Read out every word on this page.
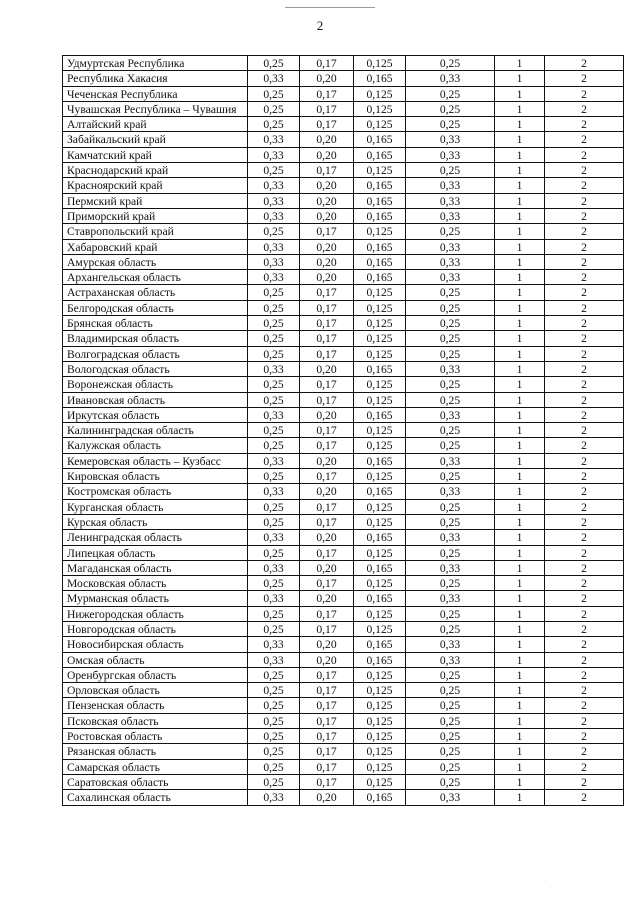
2
Удмуртская Республика	0,25	0,17	0,125	0,25	1	2
Республика Хакасия	0,33	0,20	0,165	0,33	1	2
Чеченская Республика	0,25	0,17	0,125	0,25	1	2
Чувашская Республика – Чувашия	0,25	0,17	0,125	0,25	1	2
Алтайский край	0,25	0,17	0,125	0,25	1	2
Забайкальский край	0,33	0,20	0,165	0,33	1	2
Камчатский край	0,33	0,20	0,165	0,33	1	2
Краснодарский край	0,25	0,17	0,125	0,25	1	2
Красноярский край	0,33	0,20	0,165	0,33	1	2
Пермский край	0,33	0,20	0,165	0,33	1	2
Приморский край	0,33	0,20	0,165	0,33	1	2
Ставропольский край	0,25	0,17	0,125	0,25	1	2
Хабаровский край	0,33	0,20	0,165	0,33	1	2
Амурская область	0,33	0,20	0,165	0,33	1	2
Архангельская область	0,33	0,20	0,165	0,33	1	2
Астраханская область	0,25	0,17	0,125	0,25	1	2
Белгородская область	0,25	0,17	0,125	0,25	1	2
Брянская область	0,25	0,17	0,125	0,25	1	2
Владимирская область	0,25	0,17	0,125	0,25	1	2
Волгоградская область	0,25	0,17	0,125	0,25	1	2
Вологодская область	0,33	0,20	0,165	0,33	1	2
Воронежская область	0,25	0,17	0,125	0,25	1	2
Ивановская область	0,25	0,17	0,125	0,25	1	2
Иркутская область	0,33	0,20	0,165	0,33	1	2
Калининградская область	0,25	0,17	0,125	0,25	1	2
Калужская область	0,25	0,17	0,125	0,25	1	2
Кемеровская область – Кузбасс	0,33	0,20	0,165	0,33	1	2
Кировская область	0,25	0,17	0,125	0,25	1	2
Костромская область	0,33	0,20	0,165	0,33	1	2
Курганская область	0,25	0,17	0,125	0,25	1	2
Курская область	0,25	0,17	0,125	0,25	1	2
Ленинградская область	0,33	0,20	0,165	0,33	1	2
Липецкая область	0,25	0,17	0,125	0,25	1	2
Магаданская область	0,33	0,20	0,165	0,33	1	2
Московская область	0,25	0,17	0,125	0,25	1	2
Мурманская область	0,33	0,20	0,165	0,33	1	2
Нижегородская область	0,25	0,17	0,125	0,25	1	2
Новгородская область	0,25	0,17	0,125	0,25	1	2
Новосибирская область	0,33	0,20	0,165	0,33	1	2
Омская область	0,33	0,20	0,165	0,33	1	2
Оренбургская область	0,25	0,17	0,125	0,25	1	2
Орловская область	0,25	0,17	0,125	0,25	1	2
Пензенская область	0,25	0,17	0,125	0,25	1	2
Псковская область	0,25	0,17	0,125	0,25	1	2
Ростовская область	0,25	0,17	0,125	0,25	1	2
Рязанская область	0,25	0,17	0,125	0,25	1	2
Самарская область	0,25	0,17	0,125	0,25	1	2
Саратовская область	0,25	0,17	0,125	0,25	1	2
Сахалинская область	0,33	0,20	0,165	0,33	1	2
·
